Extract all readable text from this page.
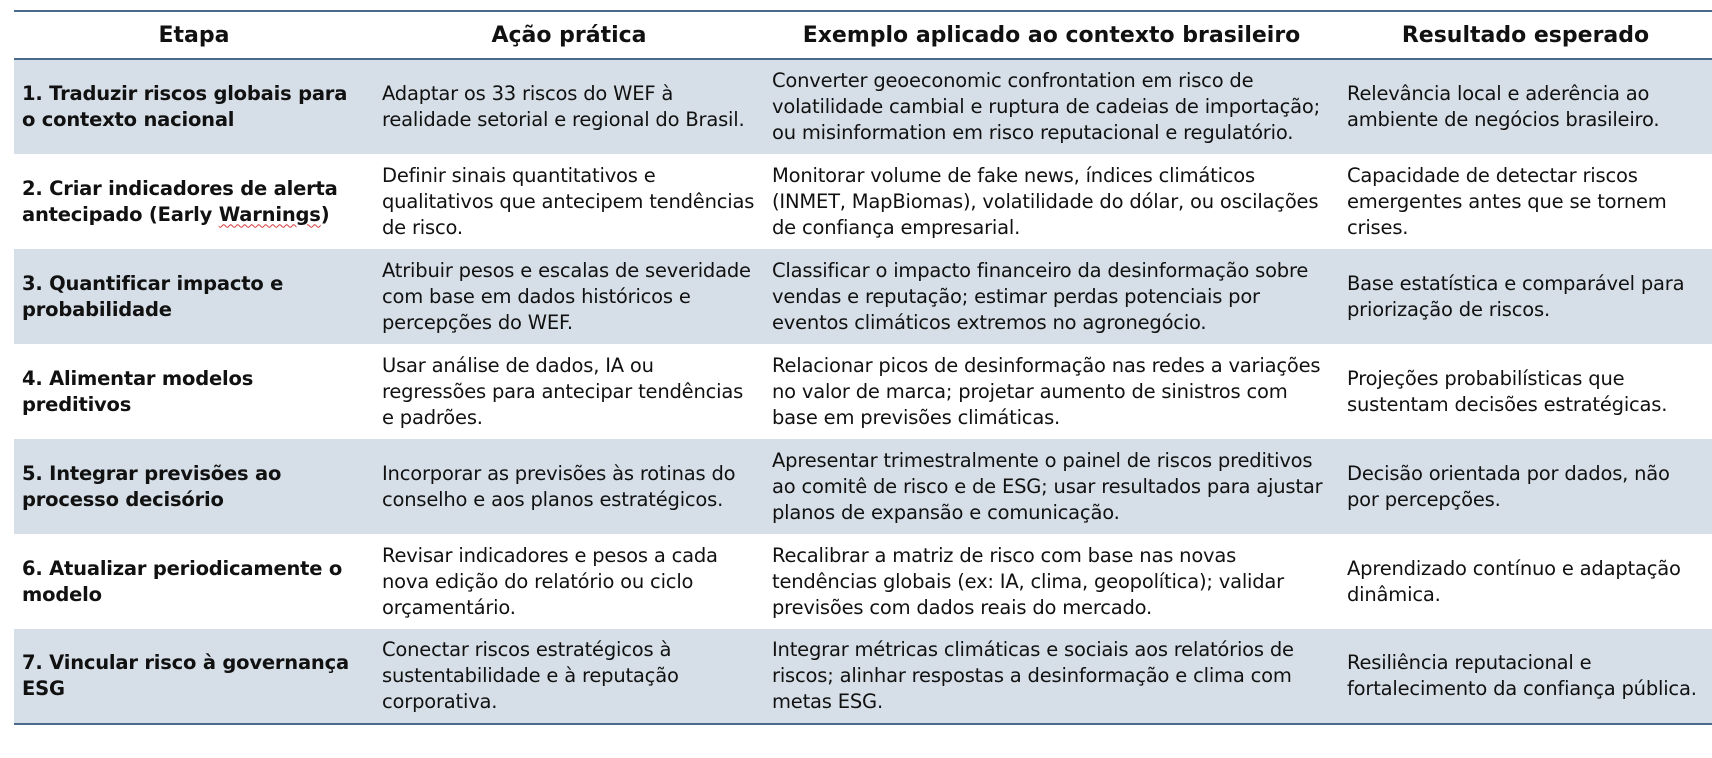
Etapa	Ação prática	Exemplo aplicado ao contexto brasileiro	Resultado esperado
1. Traduzir riscos globais para o contexto nacional	Adaptar os 33 riscos do WEF à realidade setorial e regional do Brasil.	Converter geoeconomic confrontation em risco de volatilidade cambial e ruptura de cadeias de importação; ou misinformation em risco reputacional e regulatório.	Relevância local e aderência ao ambiente de negócios brasileiro.
2. Criar indicadores de alerta antecipado (Early Warnings)	Definir sinais quantitativos e qualitativos que antecipem tendências de risco.	Monitorar volume de fake news, índices climáticos (INMET, MapBiomas), volatilidade do dólar, ou oscilações de confiança empresarial.	Capacidade de detectar riscos emergentes antes que se tornem crises.
3. Quantificar impacto e probabilidade	Atribuir pesos e escalas de severidade com base em dados históricos e percepções do WEF.	Classificar o impacto financeiro da desinformação sobre vendas e reputação; estimar perdas potenciais por eventos climáticos extremos no agronegócio.	Base estatística e comparável para priorização de riscos.
4. Alimentar modelos preditivos	Usar análise de dados, IA ou regressões para antecipar tendências e padrões.	Relacionar picos de desinformação nas redes a variações no valor de marca; projetar aumento de sinistros com base em previsões climáticas.	Projeções probabilísticas que sustentam decisões estratégicas.
5. Integrar previsões ao processo decisório	Incorporar as previsões às rotinas do conselho e aos planos estratégicos.	Apresentar trimestralmente o painel de riscos preditivos ao comitê de risco e de ESG; usar resultados para ajustar planos de expansão e comunicação.	Decisão orientada por dados, não por percepções.
6. Atualizar periodicamente o modelo	Revisar indicadores e pesos a cada nova edição do relatório ou ciclo orçamentário.	Recalibrar a matriz de risco com base nas novas tendências globais (ex: IA, clima, geopolítica); validar previsões com dados reais do mercado.	Aprendizado contínuo e adaptação dinâmica.
7. Vincular risco à governança ESG	Conectar riscos estratégicos à sustentabilidade e à reputação corporativa.	Integrar métricas climáticas e sociais aos relatórios de riscos; alinhar respostas a desinformação e clima com metas ESG.	Resiliência reputacional e fortalecimento da confiança pública.
